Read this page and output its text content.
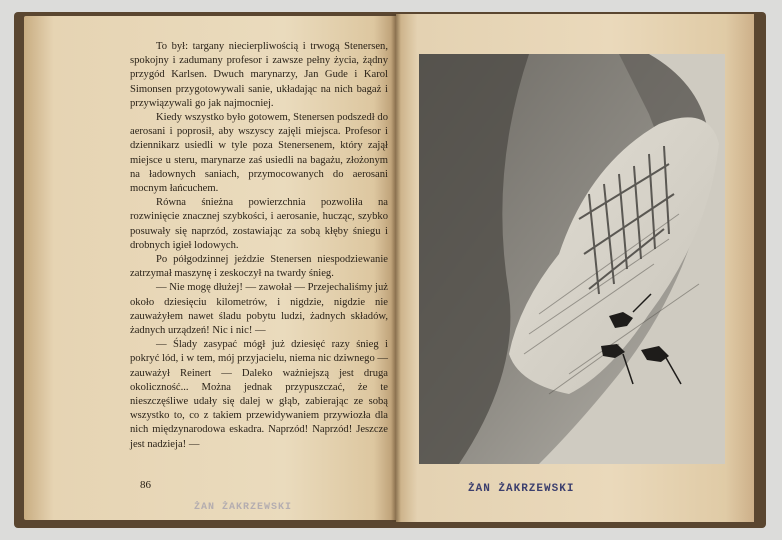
To był: targany niecierpliwością i trwogą Stenersen, spokojny i zadumany profesor i zawsze pełny życia, żądny przygód Karlsen. Dwuch marynarzy, Jan Gude i Karol Simonsen przygotowywali sanie, układając na nich bagaż i przywiązywali go jak najmocniej.

Kiedy wszystko było gotowem, Stenersen podszedł do aerosani i poprosił, aby wszyscy zajęli miejsca. Profesor i dziennikarz usiedli w tyle poza Stenersenem, który zajął miejsce u steru, marynarze zaś usiedli na bagażu, złożonym na ładownych saniach, przymocowanych do aerosani mocnym łańcuchem.

Równa śnieżna powierzchnia pozwoliła na rozwinięcie znacznej szybkości, i aerosanie, hucząc, szybko posuwały się naprzód, zostawiając za sobą kłęby śniegu i drobnych igieł lodowych.

Po półgodzinnej jeździe Stenersen niespodziewanie zatrzymał maszynę i zeskoczył na twardy śnieg.

— Nie mogę dłużej! — zawołał — Przejechaliśmy już około dziesięciu kilometrów, i nigdzie, nigdzie nie zauważyłem nawet śladu pobytu ludzi, żadnych składów, żadnych urządzeń! Nic i nic! —

— Ślady zasypać mógł już dziesięć razy śnieg i pokryć lód, i w tem, mój przyjacielu, niema nic dziwnego — zauważył Reinert — Daleko ważniejszą jest druga okoliczność... Można jednak przypuszczać, że te nieszczęśliwe udały się dalej w głąb, zabierając ze sobą wszystko to, co z takiem przewidywaniem przywiozła dla nich międzynarodowa eskadra. Naprzód! Naprzód! Jeszcze jest nadzieja! —

86
ŻAN ŻAKRZEWSKI
ŻAN ŻAKRZEWSKI
